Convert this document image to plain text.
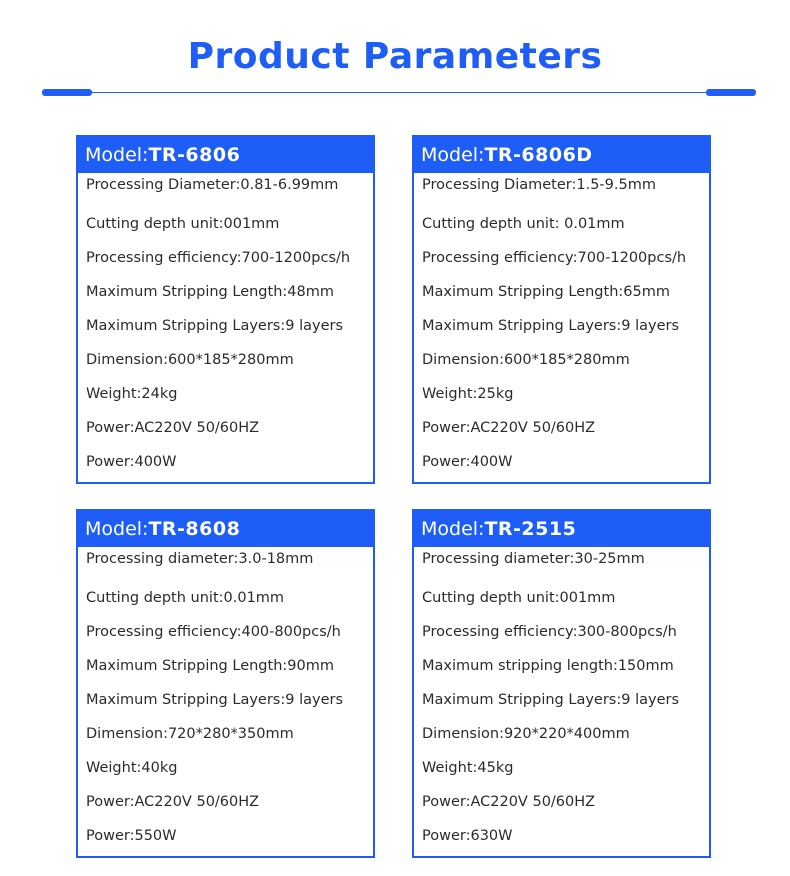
Product Parameters
Model: TR-6806
Processing Diameter:0.81-6.99mm
Cutting depth unit:001mm
Processing efficiency:700-1200pcs/h
Maximum Stripping Length:48mm
Maximum Stripping Layers:9 layers
Dimension:600*185*280mm
Weight:24kg
Power:AC220V 50/60HZ
Power:400W
Model: TR-6806D
Processing Diameter:1.5-9.5mm
Cutting depth unit: 0.01mm
Processing efficiency:700-1200pcs/h
Maximum Stripping Length:65mm
Maximum Stripping Layers:9 layers
Dimension:600*185*280mm
Weight:25kg
Power:AC220V 50/60HZ
Power:400W
Model: TR-8608
Processing diameter:3.0-18mm
Cutting depth unit:0.01mm
Processing efficiency:400-800pcs/h
Maximum Stripping Length:90mm
Maximum Stripping Layers:9 layers
Dimension:720*280*350mm
Weight:40kg
Power:AC220V 50/60HZ
Power:550W
Model: TR-2515
Processing diameter:30-25mm
Cutting depth unit:001mm
Processing efficiency:300-800pcs/h
Maximum stripping length:150mm
Maximum Stripping Layers:9 layers
Dimension:920*220*400mm
Weight:45kg
Power:AC220V 50/60HZ
Power:630W
